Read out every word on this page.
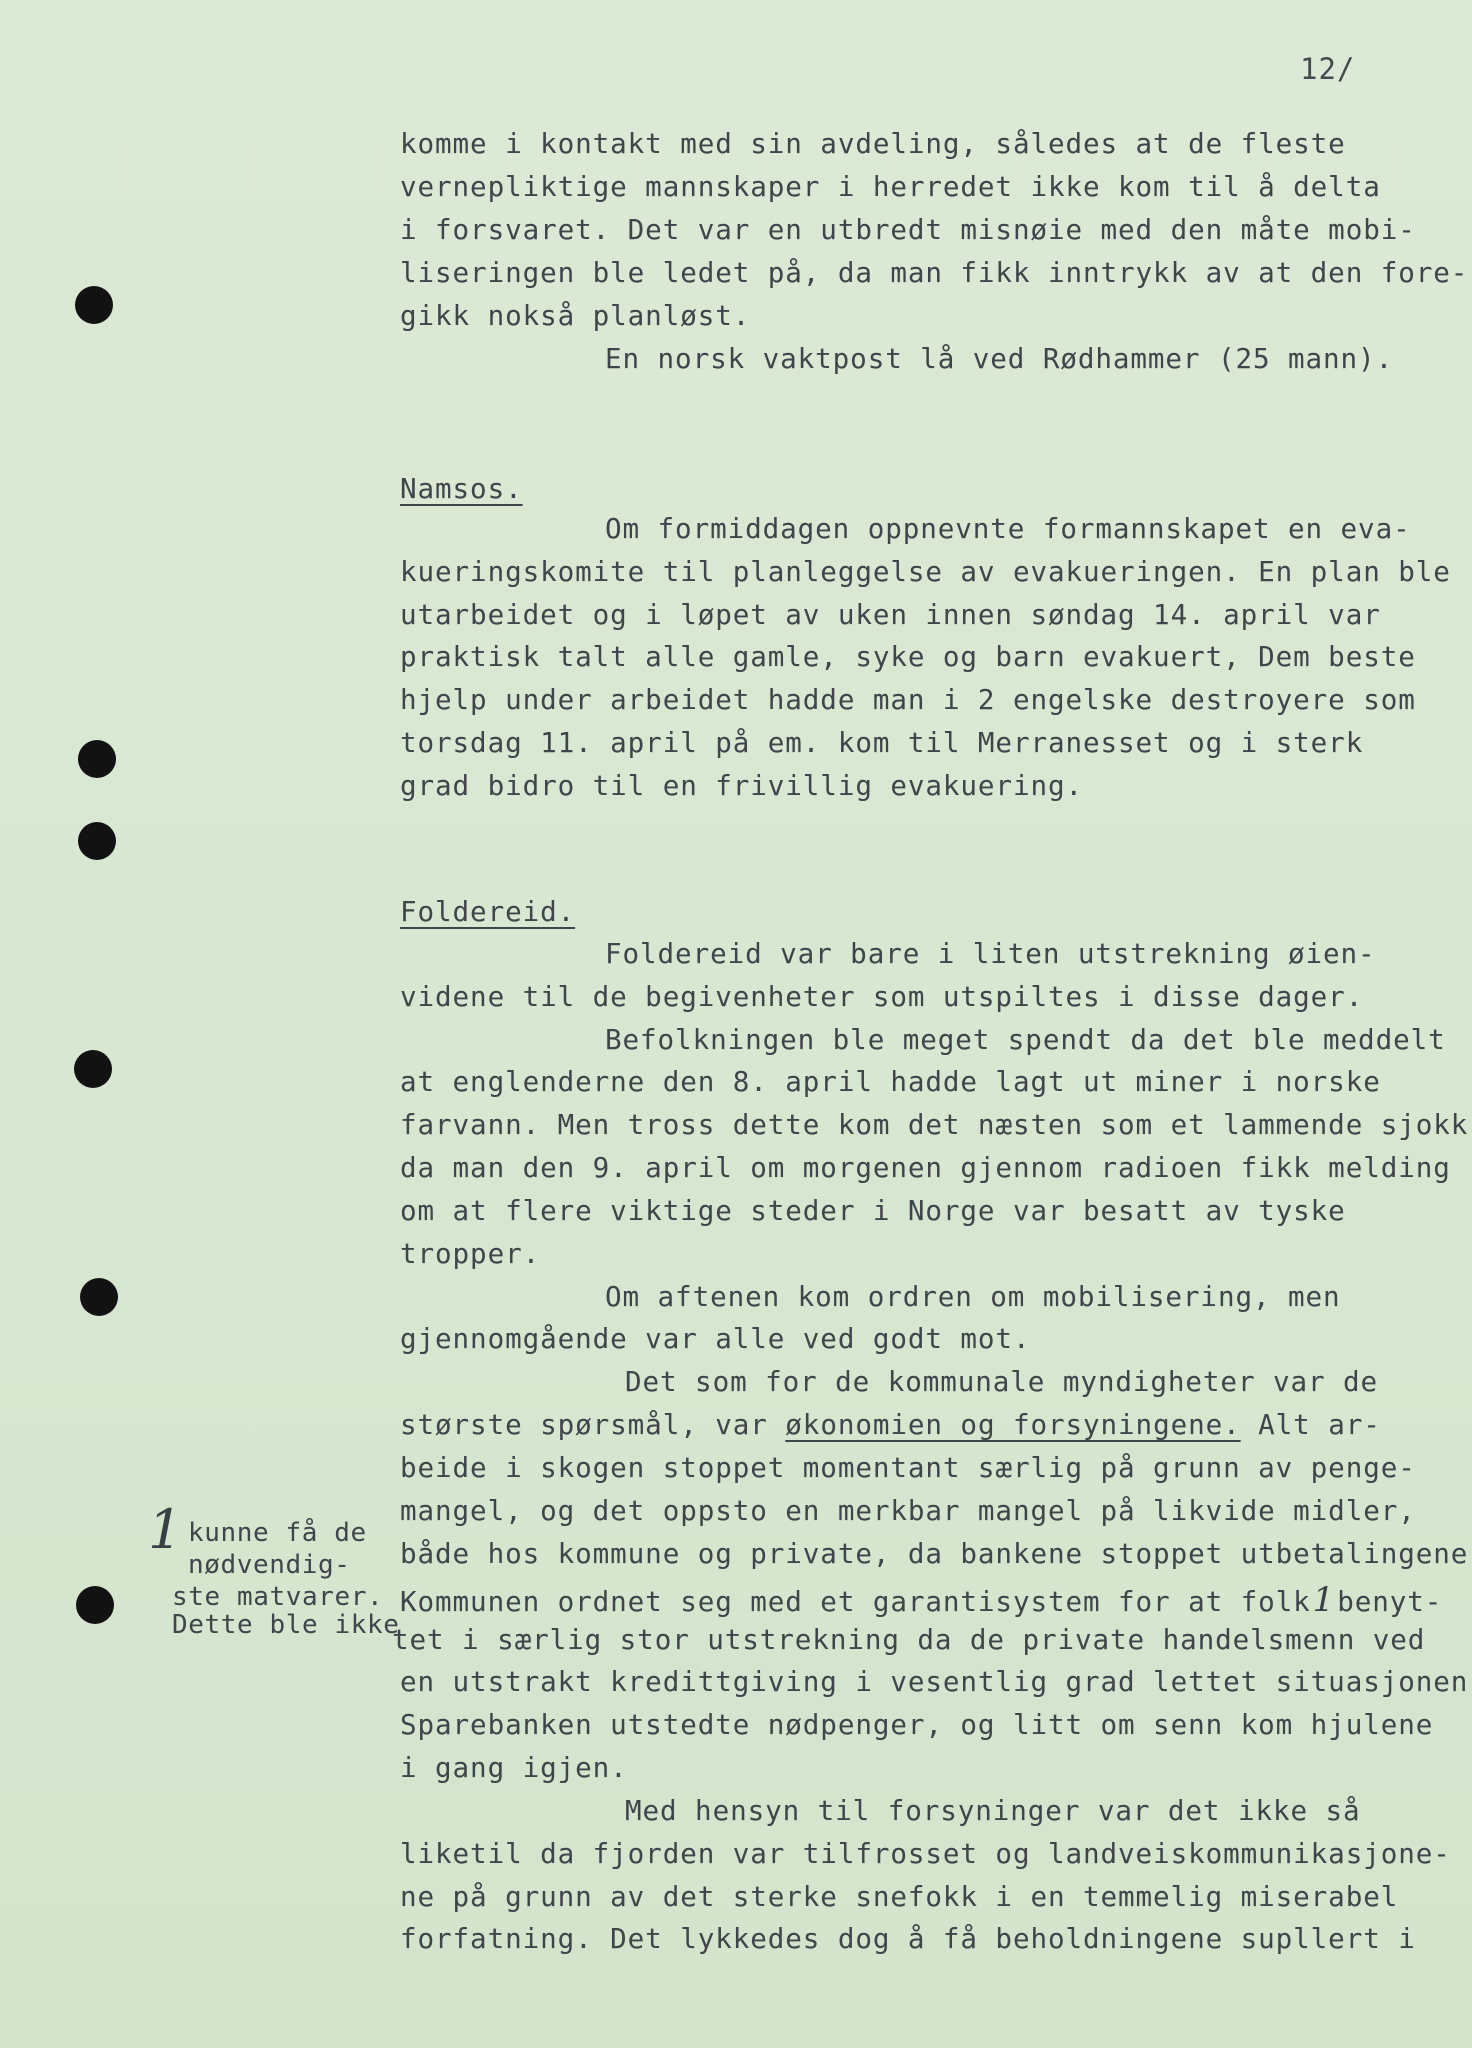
12/
komme i kontakt med sin avdeling, således at de fleste
vernepliktige mannskaper i herredet ikke kom til å delta
i forsvaret. Det var en utbredt misnøie med den måte mobi-
liseringen ble ledet på, da man fikk inntrykk av at den fore-
gikk nokså planløst.
En norsk vaktpost lå ved Rødhammer (25 mann).
Namsos.
Om formiddagen oppnevnte formannskapet en eva-
kueringskomite til planleggelse av evakueringen. En plan ble
utarbeidet og i løpet av uken innen søndag 14. april var
praktisk talt alle gamle, syke og barn evakuert, Dem beste
hjelp under arbeidet hadde man i 2 engelske destroyere som
torsdag 11. april på em. kom til Merranesset og i sterk
grad bidro til en frivillig evakuering.
Foldereid.
Foldereid var bare i liten utstrekning øien-
videne til de begivenheter som utspiltes i disse dager.
Befolkningen ble meget spendt da det ble meddelt
at englenderne den 8. april hadde lagt ut miner i norske
farvann. Men tross dette kom det næsten som et lammende sjokk
da man den 9. april om morgenen gjennom radioen fikk melding
om at flere viktige steder i Norge var besatt av tyske
tropper.
Om aftenen kom ordren om mobilisering, men
gjennomgående var alle ved godt mot.
Det som for de kommunale myndigheter var de
største spørsmål, var økonomien og forsyningene. Alt ar-
beide i skogen stoppet momentant særlig på grunn av penge-
mangel, og det oppsto en merkbar mangel på likvide midler,
både hos kommune og private, da bankene stoppet utbetalingene
Kommunen ordnet seg med et garantisystem for at folk1benyt-
tet i særlig stor utstrekning da de private handelsmenn ved
en utstrakt kredittgiving i vesentlig grad lettet situasjonen
Sparebanken utstedte nødpenger, og litt om senn kom hjulene
i gang igjen.
Med hensyn til forsyninger var det ikke så
liketil da fjorden var tilfrosset og landveiskommunikasjone-
ne på grunn av det sterke snefokk i en temmelig miserabel
forfatning. Det lykkedes dog å få beholdningene supllert i
1 kunne få de
nødvendig-
ste matvarer.
Dette ble ikke
